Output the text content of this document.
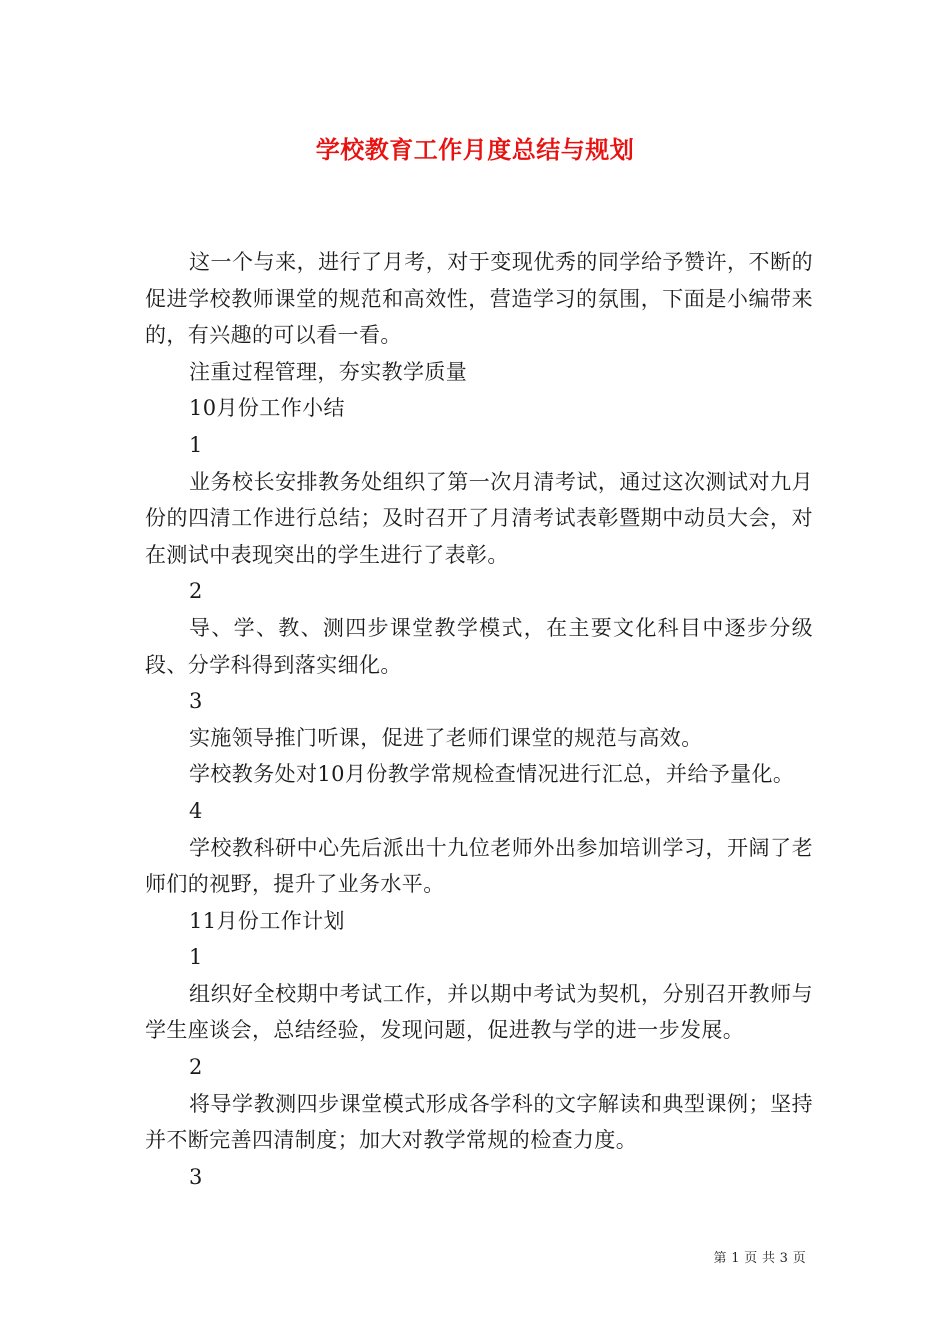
学校教育工作月度总结与规划

这一个与来，进行了月考，对于变现优秀的同学给予赞许，不断的促进学校教师课堂的规范和高效性，营造学习的氛围，下面是小编带来的，有兴趣的可以看一看。

注重过程管理，夯实教学质量

10月份工作小结

1

业务校长安排教务处组织了第一次月清考试，通过这次测试对九月份的四清工作进行总结；及时召开了月清考试表彰暨期中动员大会，对在测试中表现突出的学生进行了表彰。

2

导、学、教、测四步课堂教学模式，在主要文化科目中逐步分级段、分学科得到落实细化。

3

实施领导推门听课，促进了老师们课堂的规范与高效。

学校教务处对10月份教学常规检查情况进行汇总，并给予量化。

4

学校教科研中心先后派出十九位老师外出参加培训学习，开阔了老师们的视野，提升了业务水平。

11月份工作计划

1

组织好全校期中考试工作，并以期中考试为契机，分别召开教师与学生座谈会，总结经验，发现问题，促进教与学的进一步发展。

2

将导学教测四步课堂模式形成各学科的文字解读和典型课例；坚持并不断完善四清制度；加大对教学常规的检查力度。

3

第 1 页 共 3 页
